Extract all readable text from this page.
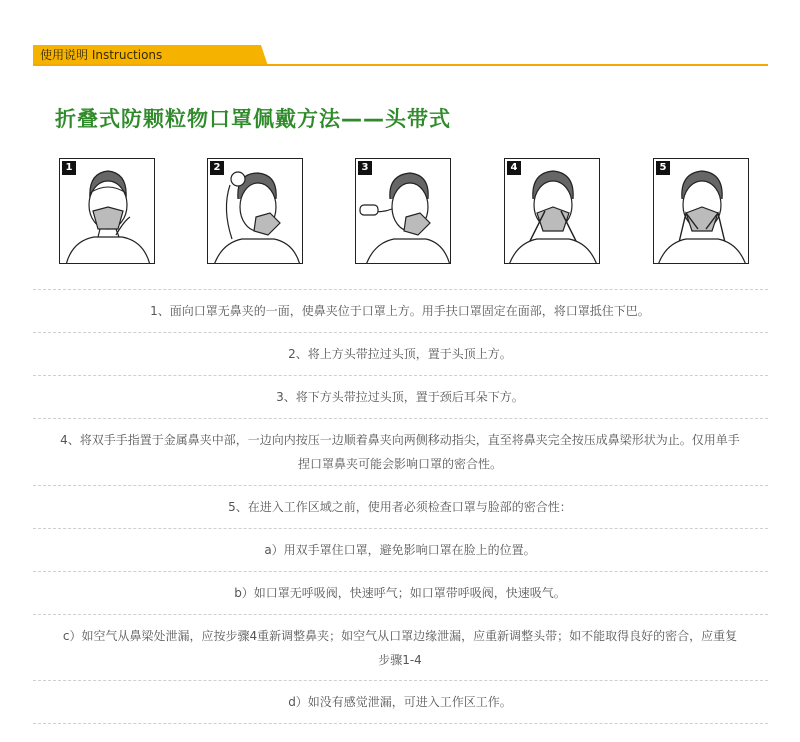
使用说明 Instructions
折叠式防颗粒物口罩佩戴方法——头带式
1	2	3	4	5
1、面向口罩无鼻夹的一面，使鼻夹位于口罩上方。用手扶口罩固定在面部，将口罩抵住下巴。
2、将上方头带拉过头顶，置于头顶上方。
3、将下方头带拉过头顶，置于颈后耳朵下方。
4、将双手手指置于金属鼻夹中部，一边向内按压一边顺着鼻夹向两侧移动指尖，直至将鼻夹完全按压成鼻梁形状为止。仅用单手捏口罩鼻夹可能会影响口罩的密合性。
5、在进入工作区域之前，使用者必须检查口罩与脸部的密合性：
a）用双手罩住口罩，避免影响口罩在脸上的位置。
b）如口罩无呼吸阀，快速呼气；如口罩带呼吸阀，快速吸气。
c）如空气从鼻梁处泄漏，应按步骤4重新调整鼻夹；如空气从口罩边缘泄漏，应重新调整头带；如不能取得良好的密合，应重复步骤1-4
d）如没有感觉泄漏，可进入工作区工作。
